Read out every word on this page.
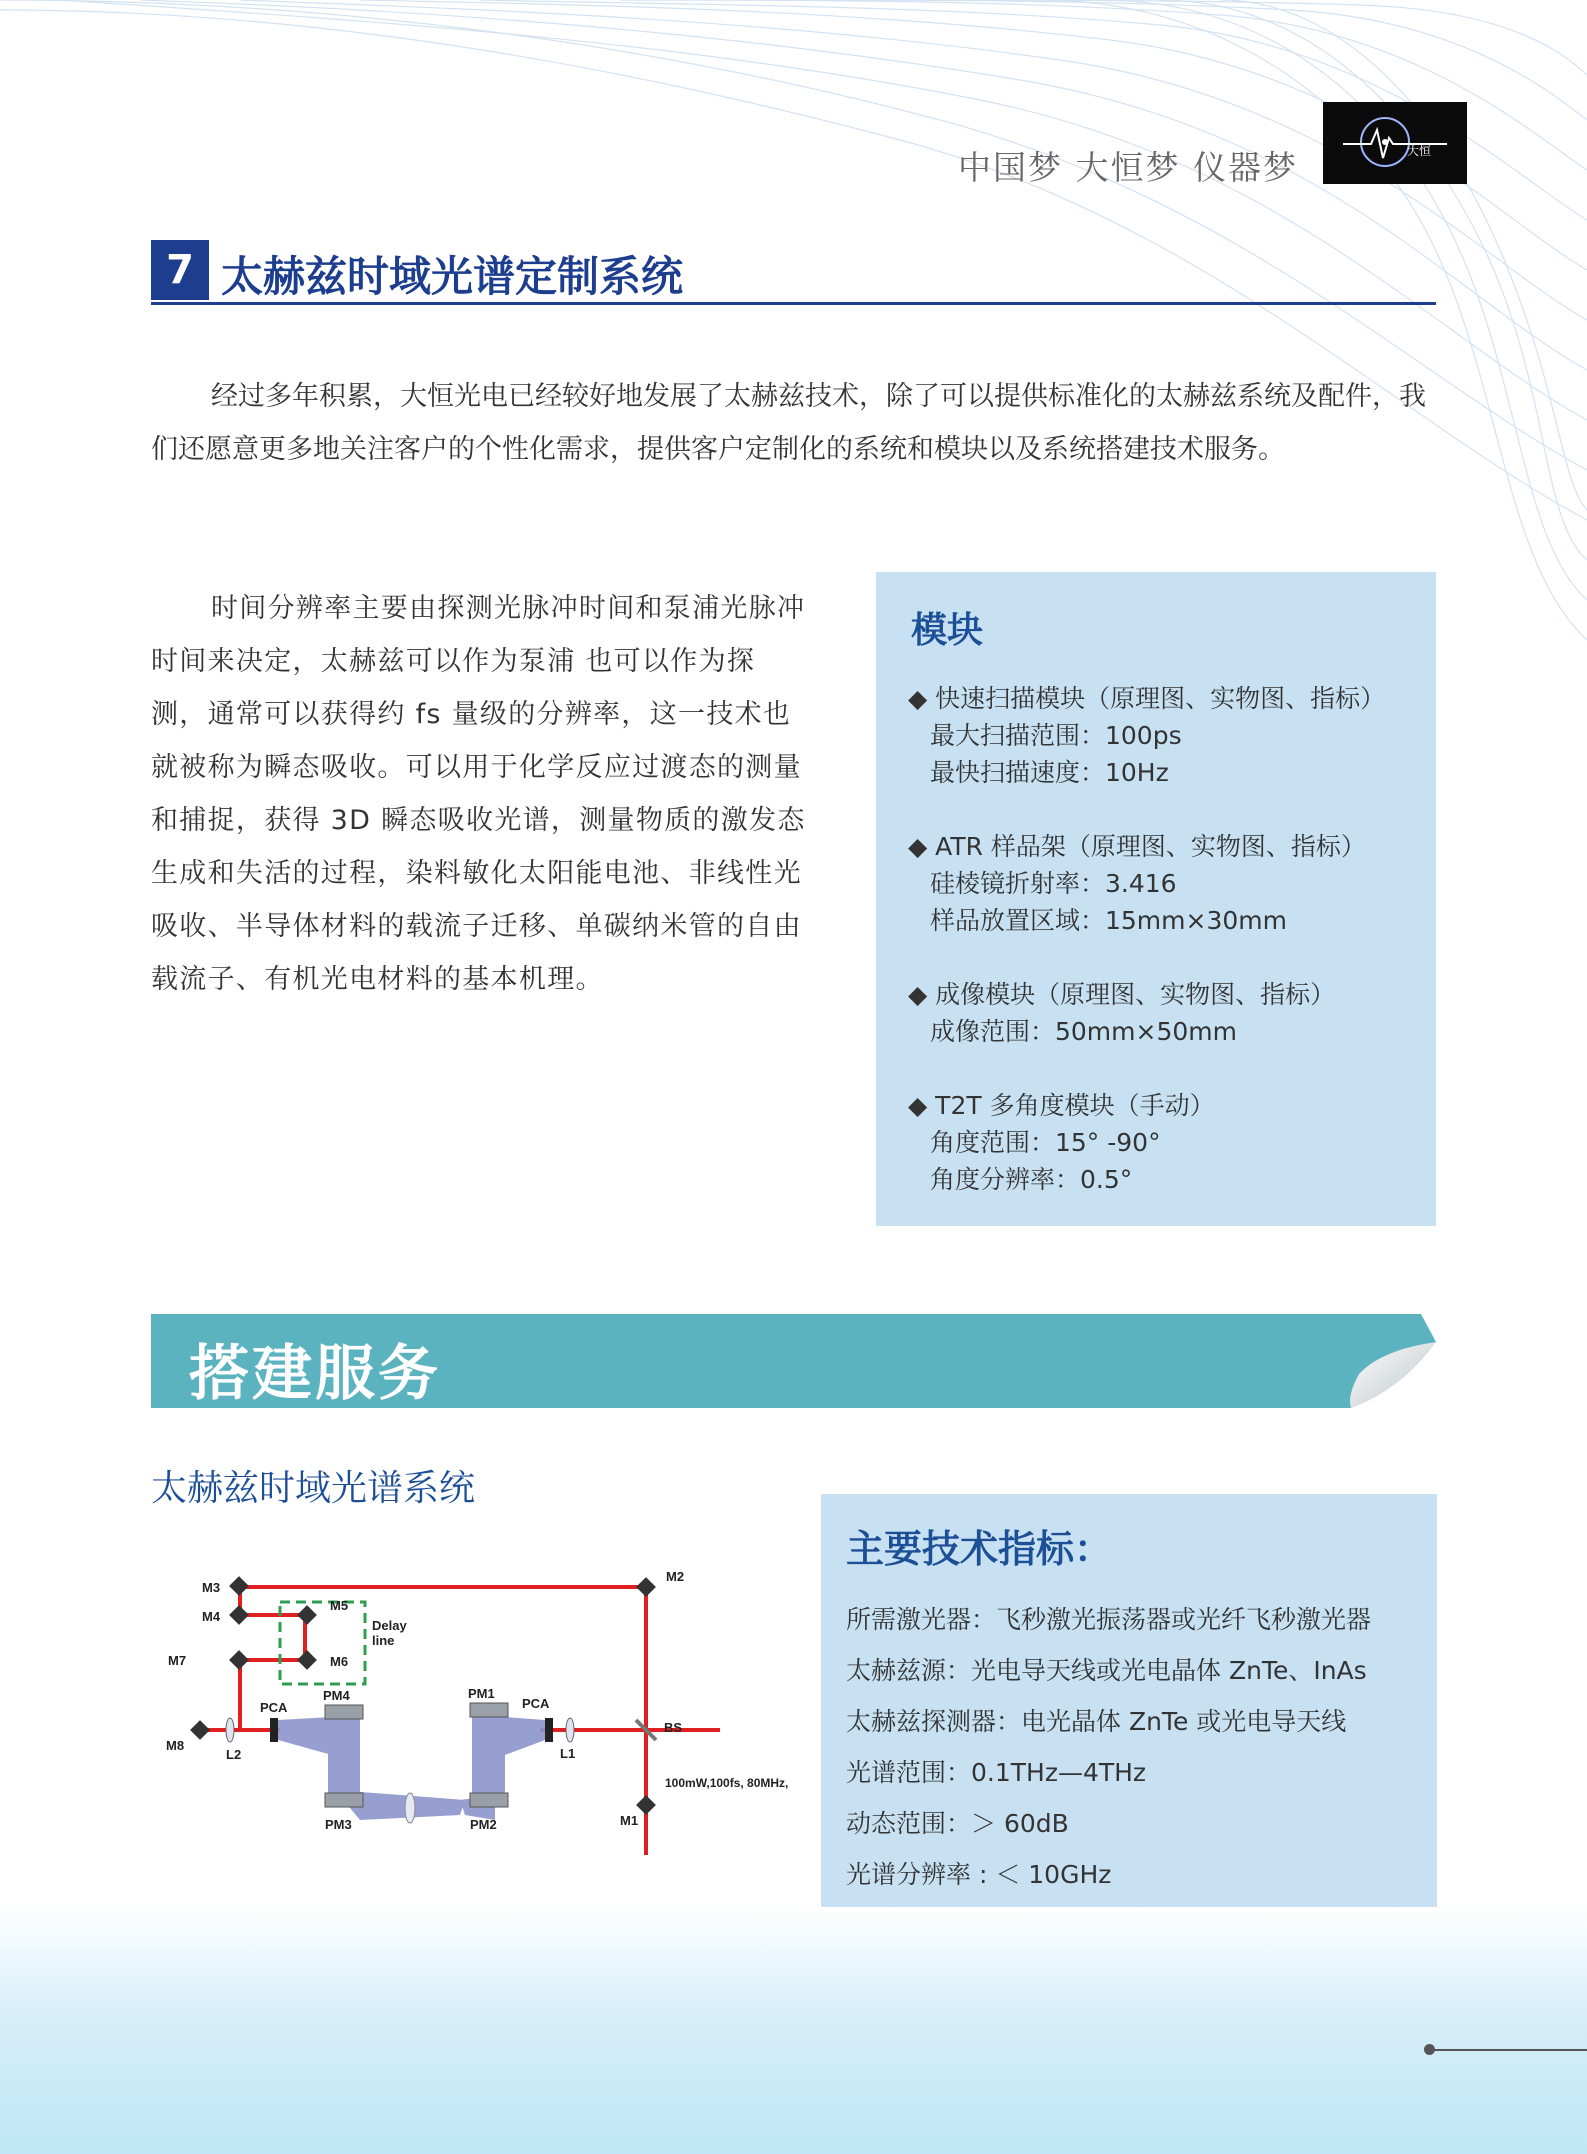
中国梦 大恒梦 仪器梦	大恒
7 太赫兹时域光谱定制系统
经过多年积累，大恒光电已经较好地发展了太赫兹技术，除了可以提供标准化的太赫兹系统及配件，我们还愿意更多地关注客户的个性化需求，提供客户定制化的系统和模块以及系统搭建技术服务。
时间分辨率主要由探测光脉冲时间和泵浦光脉冲时间来决定，太赫兹可以作为泵浦 也可以作为探测，通常可以获得约 fs 量级的分辨率，这一技术也就被称为瞬态吸收。可以用于化学反应过渡态的测量和捕捉，获得 3D 瞬态吸收光谱，测量物质的激发态生成和失活的过程，染料敏化太阳能电池、非线性光吸收、半导体材料的载流子迁移、单碳纳米管的自由载流子、有机光电材料的基本机理。
模块
◆ 快速扫描模块（原理图、实物图、指标）
最大扫描范围：100ps
最快扫描速度：10Hz
◆ ATR 样品架（原理图、实物图、指标）
硅棱镜折射率：3.416
样品放置区域：15mm×30mm
◆ 成像模块（原理图、实物图、指标）
成像范围：50mm×50mm
◆ T2T 多角度模块（手动）
角度范围：15° -90°
角度分辨率：0.5°
搭建服务
太赫兹时域光谱系统
M3
M4
M5
M6
M7
M8
M2
M1
Delay
line
PCA	PCA
PM4
PM3
PM1
PM2
L1
L2
BS
100mW,100fs, 80MHz,
主要技术指标：
所需激光器：飞秒激光振荡器或光纤飞秒激光器
太赫兹源：光电导天线或光电晶体 ZnTe、InAs
太赫兹探测器：电光晶体 ZnTe 或光电导天线
光谱范围：0.1THz—4THz
动态范围：＞ 60dB
光谱分辨率 : ＜ 10GHz
